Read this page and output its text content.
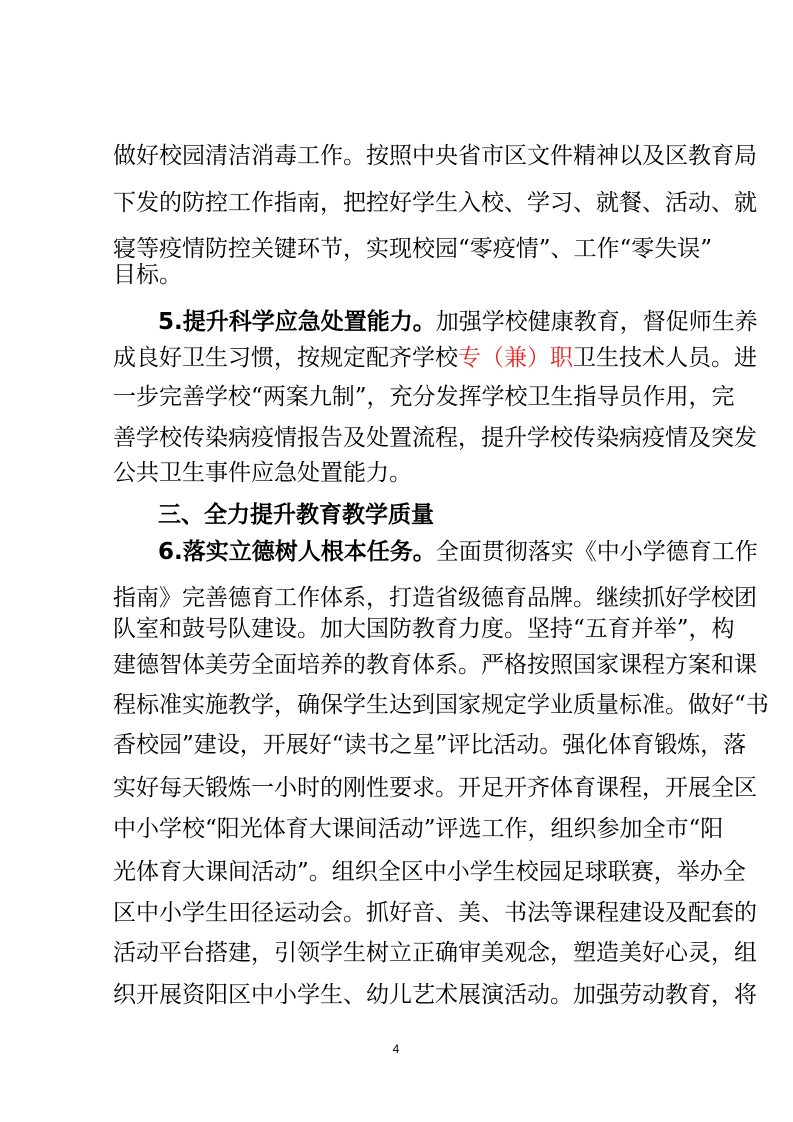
做好校园清洁消毒工作。按照中央省市区文件精神以及区教育局
下发的防控工作指南，把控好学生入校、学习、就餐、活动、就
寝等疫情防控关键环节，实现校园“零疫情”、工作“零失误”
目标。
5.提升科学应急处置能力。加强学校健康教育，督促师生养
成良好卫生习惯，按规定配齐学校专（兼）职卫生技术人员。进
一步完善学校“两案九制”，充分发挥学校卫生指导员作用，完
善学校传染病疫情报告及处置流程，提升学校传染病疫情及突发
公共卫生事件应急处置能力。
三、全力提升教育教学质量
6.落实立德树人根本任务。全面贯彻落实《中小学德育工作
指南》完善德育工作体系，打造省级德育品牌。继续抓好学校团
队室和鼓号队建设。加大国防教育力度。坚持“五育并举”，构
建德智体美劳全面培养的教育体系。严格按照国家课程方案和课
程标准实施教学，确保学生达到国家规定学业质量标准。做好“书
香校园”建设，开展好“读书之星”评比活动。强化体育锻炼，落
实好每天锻炼一小时的刚性要求。开足开齐体育课程，开展全区
中小学校“阳光体育大课间活动”评选工作，组织参加全市“阳
光体育大课间活动”。组织全区中小学生校园足球联赛，举办全
区中小学生田径运动会。抓好音、美、书法等课程建设及配套的
活动平台搭建，引领学生树立正确审美观念，塑造美好心灵，组
织开展资阳区中小学生、幼儿艺术展演活动。加强劳动教育，将
4
